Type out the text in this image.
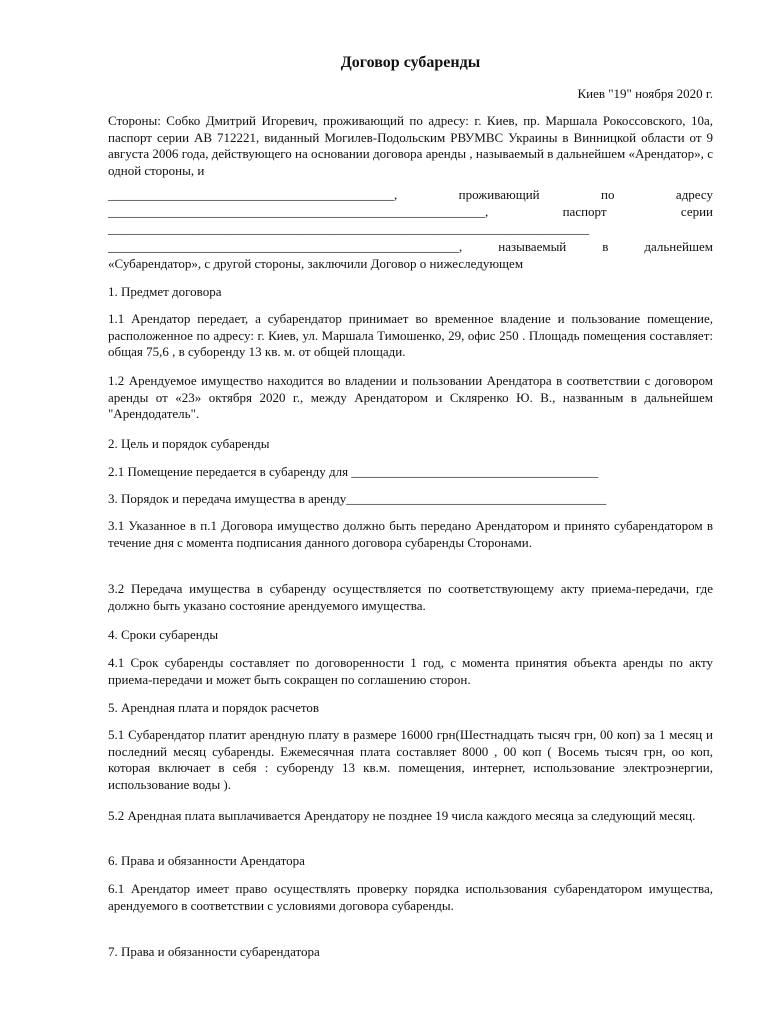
Договор субаренды
Киев "19" ноября 2020 г.

Стороны: Собко Дмитрий Игоревич, проживающий по адресу: г. Киев, пр. Маршала Рокоссовского, 10а, паспорт серии АВ 712221, виданный Могилев-Подольским РВУМВС Украины в Винницкой области от 9 августа 2006 года, действующего на основании договора аренды , называемый в дальнейшем «Арендатор», с одной стороны, и

____________________________________________, проживающий по адресу

__________________________________________________________, паспорт серии

__________________________________________________________________________

______________________________________________________, называемый в дальнейшем

«Субарендатор», с другой стороны, заключили Договор о нижеследующем

1. Предмет договора

1.1 Арендатор передает, а субарендатор принимает во временное владение и пользование помещение, расположенное по адресу: г. Киев, ул. Маршала Тимошенко, 29, офис 250 . Площадь помещения составляет: общая 75,6 , в суборенду 13 кв. м. от общей площади.

1.2 Арендуемое имущество находится во владении и пользовании Арендатора в соответствии с договором аренды от «23» октября 2020 г., между Арендатором и Скляренко Ю. В., названным в дальнейшем "Арендодатель".

2. Цель и порядок субаренды

2.1 Помещение передается в субаренду для ______________________________________

3. Порядок и передача имущества в аренду________________________________________

3.1 Указанное в п.1 Договора имущество должно быть передано Арендатором и принято субарендатором в течение дня с момента подписания данного договора субаренды Сторонами.

3.2 Передача имущества в субаренду осуществляется по соответствующему акту приема-передачи, где должно быть указано состояние арендуемого имущества.

4. Сроки субаренды

4.1 Срок субаренды составляет по договоренности 1 год, с момента принятия объекта аренды по акту приема-передачи и может быть сокращен по соглашению сторон.

5. Арендная плата и порядок расчетов

5.1 Субарендатор платит арендную плату в размере 16000 грн(Шестнадцать тысяч грн, 00 коп) за 1 месяц и последний месяц субаренды. Ежемесячная плата составляет 8000 , 00 коп ( Восемь тысяч грн, оо коп, которая включает в себя : суборенду 13 кв.м. помещения, интернет, использование электроэнергии, использование воды ).

5.2 Арендная плата выплачивается Арендатору не позднее 19 числа каждого месяца за следующий месяц.

6. Права и обязанности Арендатора

6.1 Арендатор имеет право осуществлять проверку порядка использования субарендатором имущества, арендуемого в соответствии с условиями договора субаренды.

7. Права и обязанности субарендатора
